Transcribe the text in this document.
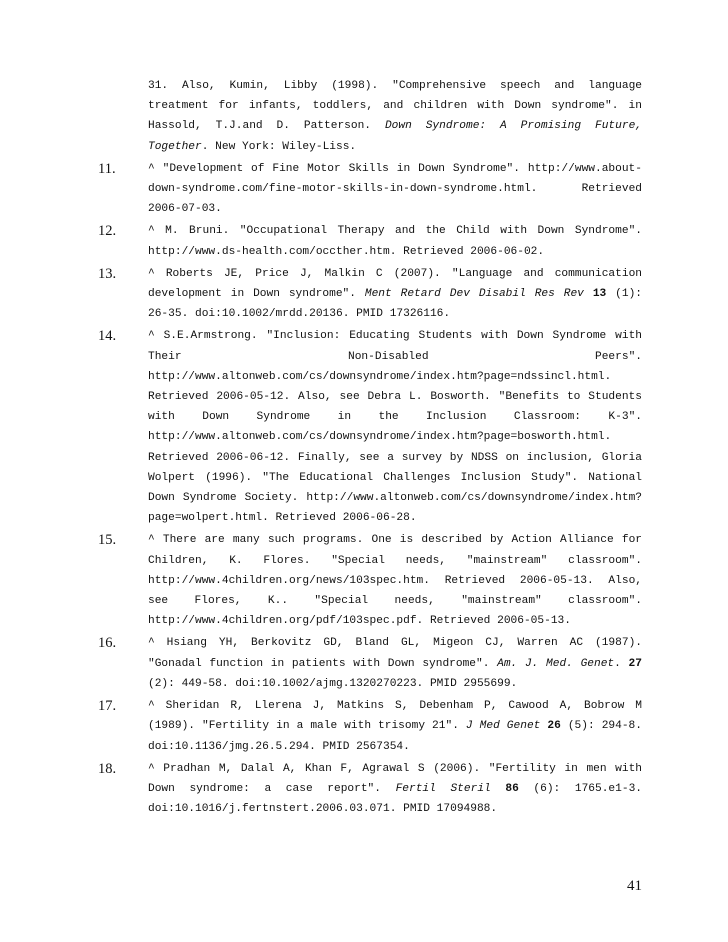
31. Also, Kumin, Libby (1998). "Comprehensive speech and language treatment for infants, toddlers, and children with Down syndrome". in Hassold, T.J.and D. Patterson. Down Syndrome: A Promising Future, Together. New York: Wiley-Liss.

11.	^ "Development of Fine Motor Skills in Down Syndrome". http://www.about-down-syndrome.com/fine-motor-skills-in-down-syndrome.html. Retrieved 2006-07-03.

12.	^ M. Bruni. "Occupational Therapy and the Child with Down Syndrome". http://www.ds-health.com/occther.htm. Retrieved 2006-06-02.

13.	^ Roberts JE, Price J, Malkin C (2007). "Language and communication development in Down syndrome". Ment Retard Dev Disabil Res Rev 13 (1): 26-35. doi:10.1002/mrdd.20136. PMID 17326116.

14.	^ S.E.Armstrong. "Inclusion: Educating Students with Down Syndrome with Their Non-Disabled Peers". http://www.altonweb.com/cs/downsyndrome/index.htm?page=ndssincl.html. Retrieved 2006-05-12. Also, see Debra L. Bosworth. "Benefits to Students with Down Syndrome in the Inclusion Classroom: K-3". http://www.altonweb.com/cs/downsyndrome/index.htm?page=bosworth.html. Retrieved 2006-06-12. Finally, see a survey by NDSS on inclusion, Gloria Wolpert (1996). "The Educational Challenges Inclusion Study". National Down Syndrome Society. http://www.altonweb.com/cs/downsyndrome/index.htm?page=wolpert.html. Retrieved 2006-06-28.

15.	^ There are many such programs. One is described by Action Alliance for Children, K. Flores. "Special needs, "mainstream" classroom". http://www.4children.org/news/103spec.htm. Retrieved 2006-05-13. Also, see Flores, K.. "Special needs, "mainstream" classroom". http://www.4children.org/pdf/103spec.pdf. Retrieved 2006-05-13.

16.	^ Hsiang YH, Berkovitz GD, Bland GL, Migeon CJ, Warren AC (1987). "Gonadal function in patients with Down syndrome". Am. J. Med. Genet. 27 (2): 449-58. doi:10.1002/ajmg.1320270223. PMID 2955699.

17.	^ Sheridan R, Llerena J, Matkins S, Debenham P, Cawood A, Bobrow M (1989). "Fertility in a male with trisomy 21". J Med Genet 26 (5): 294-8. doi:10.1136/jmg.26.5.294. PMID 2567354.

18.	^ Pradhan M, Dalal A, Khan F, Agrawal S (2006). "Fertility in men with Down syndrome: a case report". Fertil Steril 86 (6): 1765.e1-3. doi:10.1016/j.fertnstert.2006.03.071. PMID 17094988.

41
